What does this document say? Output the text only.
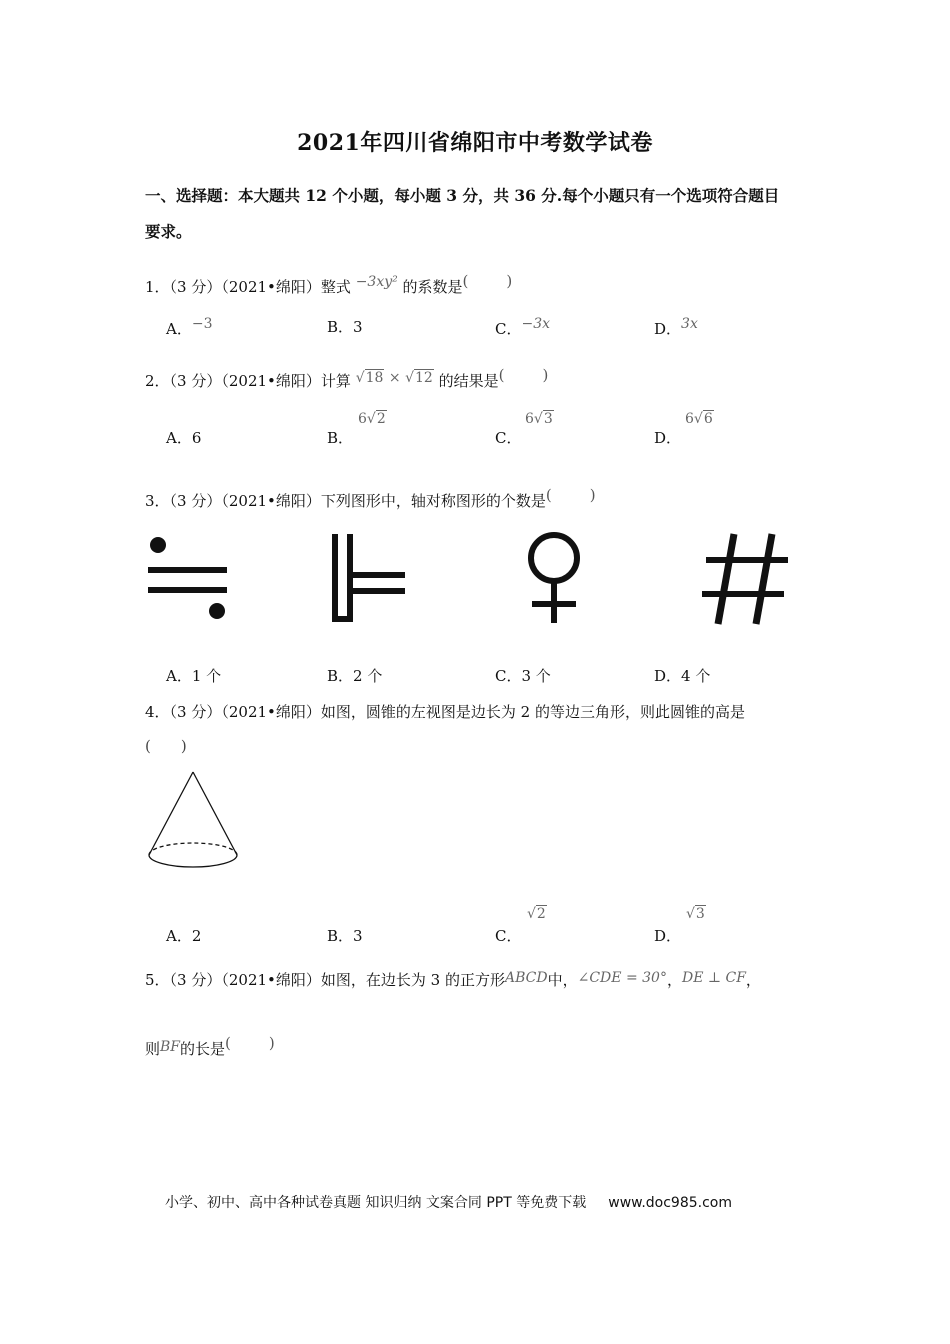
2021年四川省绵阳市中考数学试卷
一、选择题：本大题共 12 个小题，每小题 3 分，共 36 分.每个小题只有一个选项符合题目
要求。
1．（3 分）（2021•绵阳）整式 −3xy² 的系数是(	)
A．−3	B．3	C．−3x	D．3x
2．（3 分）（2021•绵阳）计算 √18 × √12 的结果是(	)
A．6	B．
6√2
C．
6√3
D．
6√6
3．（3 分）（2021•绵阳）下列图形中，轴对称图形的个数是(	)
A．1 个	B．2 个	C．3 个	D．4 个
4．（3 分）（2021•绵阳）如图，圆锥的左视图是边长为 2 的等边三角形，则此圆锥的高是
( )
A．2	B．3	C．
√2
D．
√3
5．（3 分）（2021•绵阳）如图，在边长为 3 的正方形ABCD中，∠CDE = 30°，DE ⊥ CF，
则BF的长是(	)
小学、初中、高中各种试卷真题 知识归纳 文案合同 PPT 等免费下载 www.doc985.com
